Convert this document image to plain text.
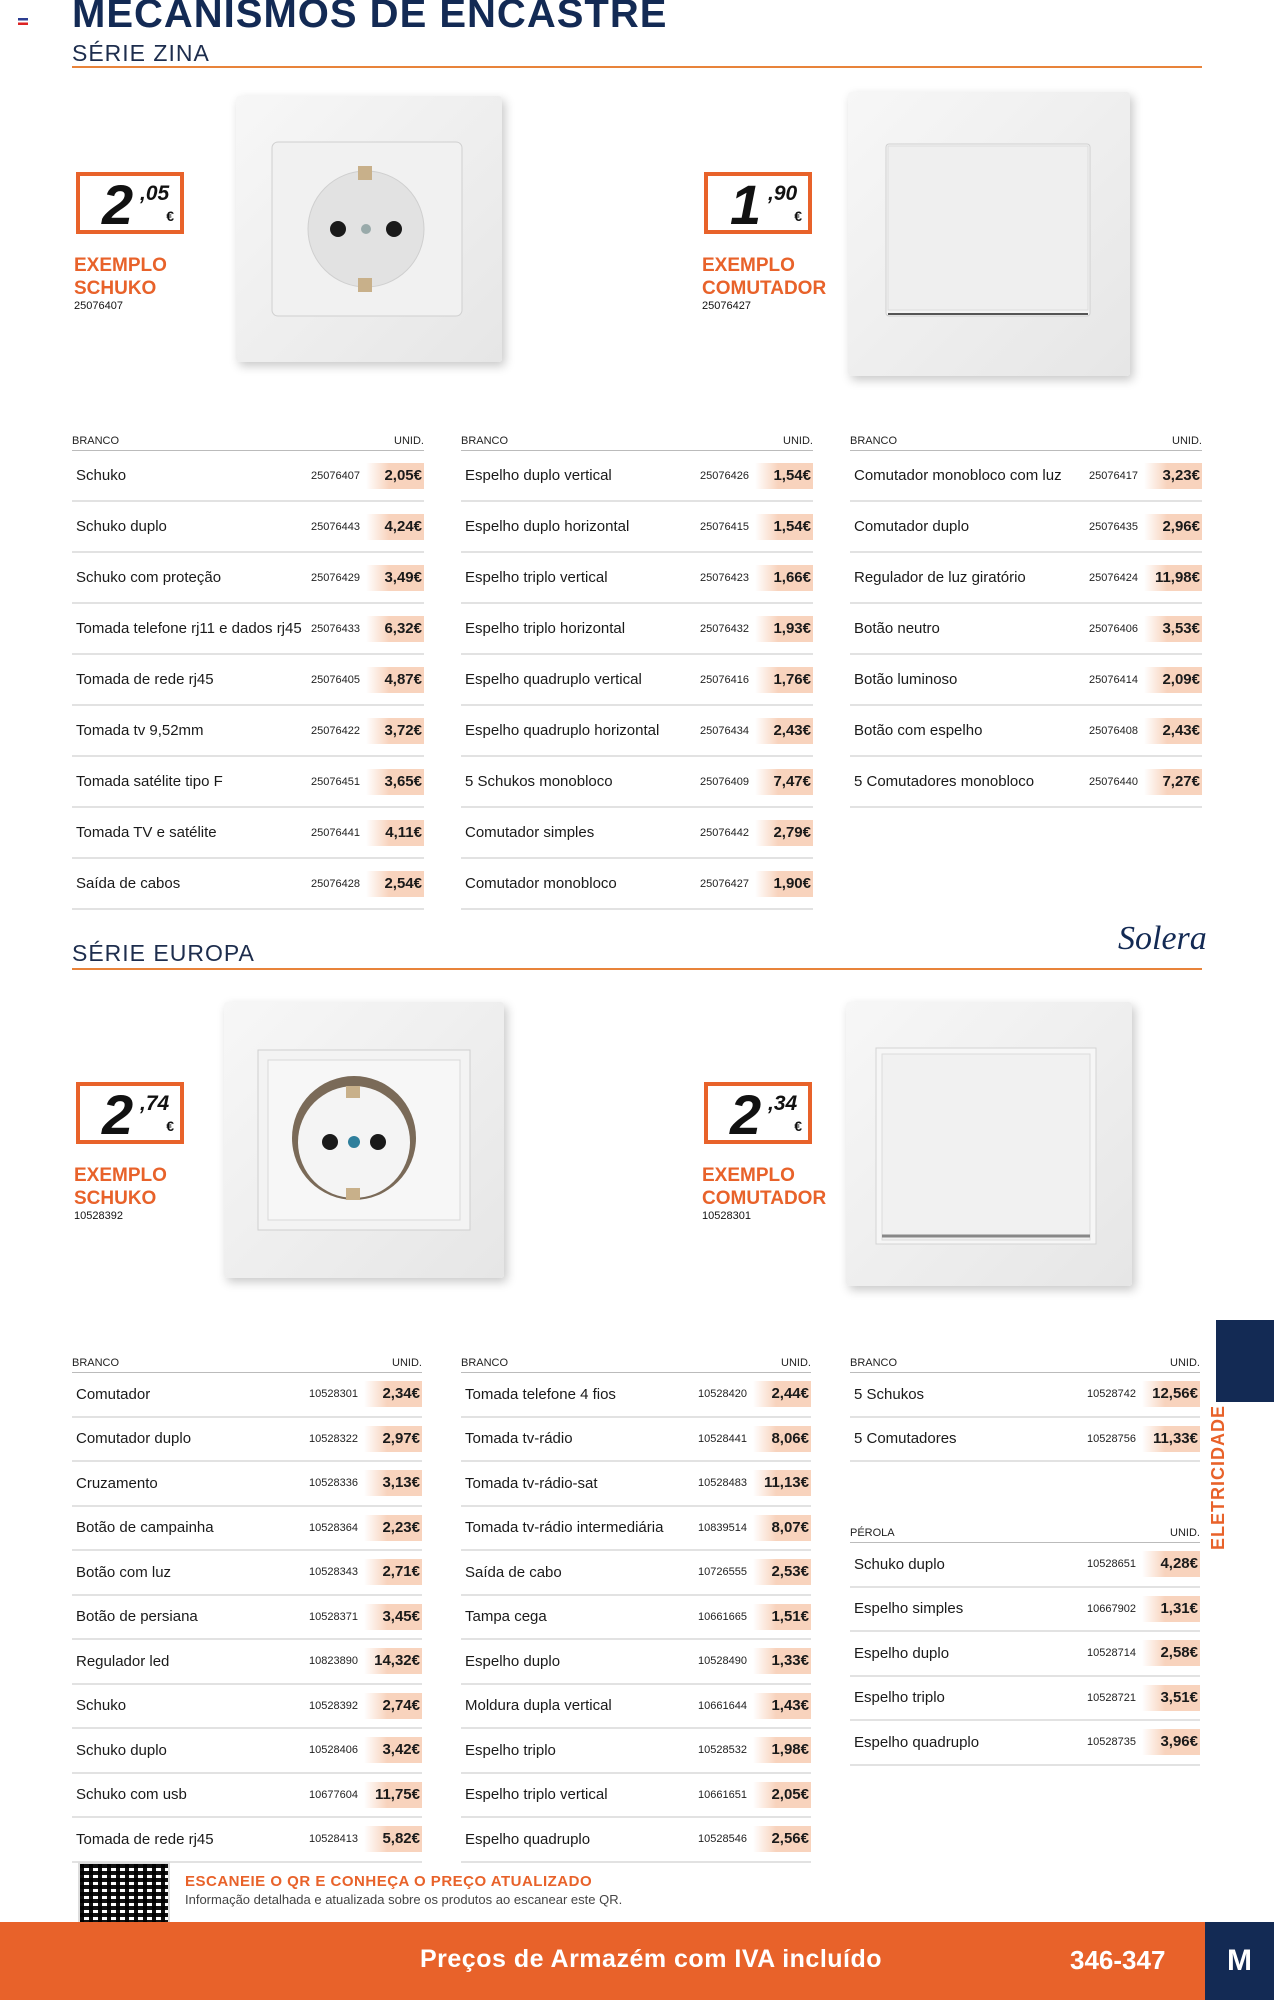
MECANISMOS DE ENCASTRE
SÉRIE ZINA
2 ,05
€
EXEMPLO
SCHUKO
25076407
1 ,90
€
EXEMPLO
COMUTADOR
25076427
BRANCO	UNID.
Schuko	25076407	2,05€
Schuko duplo	25076443	4,24€
Schuko com proteção	25076429	3,49€
Tomada telefone rj11 e dados rj45 25076433	6,32€
Tomada de rede rj45	25076405	4,87€
Tomada tv 9,52mm	25076422	3,72€
Tomada satélite tipo F	25076451	3,65€
Tomada TV e satélite	25076441	4,11€
Saída de cabos	25076428	2,54€
BRANCO	UNID.
Espelho duplo vertical	25076426	1,54€
Espelho duplo horizontal	25076415	1,54€
Espelho triplo vertical	25076423	1,66€
Espelho triplo horizontal	25076432	1,93€
Espelho quadruplo vertical	25076416	1,76€
Espelho quadruplo horizontal	25076434	2,43€
5 Schukos monobloco	25076409	7,47€
Comutador simples	25076442	2,79€
Comutador monobloco	25076427	1,90€
BRANCO	UNID.
Comutador monobloco com luz	25076417	3,23€
Comutador duplo	25076435	2,96€
Regulador de luz giratório	25076424	11,98€
Botão neutro	25076406	3,53€
Botão luminoso	25076414	2,09€
Botão com espelho	25076408	2,43€
5 Comutadores monobloco	25076440	7,27€
SÉRIE EUROPA	Solera
2 ,74
€
EXEMPLO
SCHUKO
10528392
2 ,34
€
EXEMPLO
COMUTADOR
10528301
BRANCO	UNID.
Comutador	10528301	2,34€
Comutador duplo	10528322	2,97€
Cruzamento	10528336	3,13€
Botão de campainha	10528364	2,23€
Botão com luz	10528343	2,71€
Botão de persiana	10528371	3,45€
Regulador led	10823890	14,32€
Schuko	10528392	2,74€
Schuko duplo	10528406	3,42€
Schuko com usb	10677604	11,75€
Tomada de rede rj45	10528413	5,82€
BRANCO	UNID.
Tomada telefone 4 fios	10528420	2,44€
Tomada tv-rádio	10528441	8,06€
Tomada tv-rádio-sat	10528483	11,13€
Tomada tv-rádio intermediária	10839514	8,07€
Saída de cabo	10726555	2,53€
Tampa cega	10661665	1,51€
Espelho duplo	10528490	1,33€
Moldura dupla vertical	10661644	1,43€
Espelho triplo	10528532	1,98€
Espelho triplo vertical	10661651	2,05€
Espelho quadruplo	10528546	2,56€
BRANCO	UNID.
5 Schukos	10528742	12,56€
5 Comutadores	10528756	11,33€
PÉROLA	UNID.
Schuko duplo	10528651	4,28€
Espelho simples	10667902	1,31€
Espelho duplo	10528714	2,58€
Espelho triplo	10528721	3,51€
Espelho quadruplo	10528735	3,96€
ELETRICIDADE
ESCANEIE O QR E CONHEÇA O PREÇO ATUALIZADO
Informação detalhada e atualizada sobre os produtos ao escanear este QR.
Preços de Armazém com IVA incluído	346-347	M
